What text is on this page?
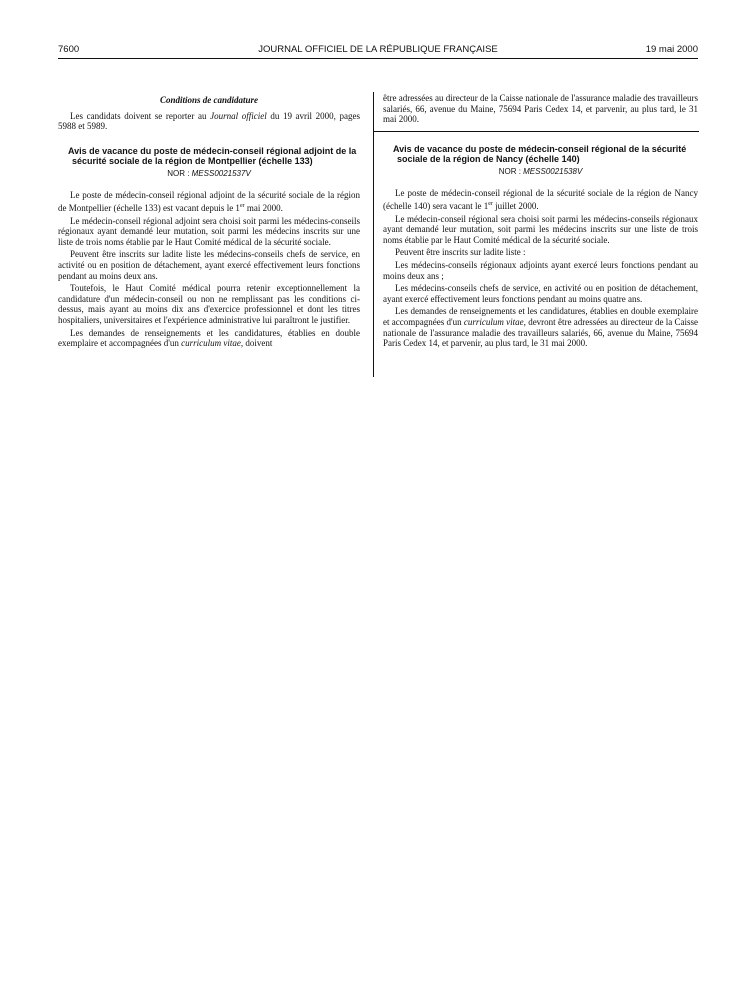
7600	JOURNAL OFFICIEL DE LA RÉPUBLIQUE FRANÇAISE	19 mai 2000
Conditions de candidature

Les candidats doivent se reporter au Journal officiel du 19 avril 2000, pages 5988 et 5989.

Avis de vacance du poste de médecin-conseil régional adjoint de la sécurité sociale de la région de Montpellier (échelle 133)
NOR : MESS0021537V

Le poste de médecin-conseil régional adjoint de la sécurité sociale de la région de Montpellier (échelle 133) est vacant depuis le 1er mai 2000.

Le médecin-conseil régional adjoint sera choisi soit parmi les médecins-conseils régionaux ayant demandé leur mutation, soit parmi les médecins inscrits sur une liste de trois noms établie par le Haut Comité médical de la sécurité sociale.

Peuvent être inscrits sur ladite liste les médecins-conseils chefs de service, en activité ou en position de détachement, ayant exercé effectivement leurs fonctions pendant au moins deux ans.

Toutefois, le Haut Comité médical pourra retenir exceptionnellement la candidature d'un médecin-conseil ou non ne remplissant pas les conditions ci-dessus, mais ayant au moins dix ans d'exercice professionnel et dont les titres hospitaliers, universitaires et l'expérience administrative lui paraîtront le justifier.

Les demandes de renseignements et les candidatures, établies en double exemplaire et accompagnées d'un curriculum vitae, doivent

être adressées au directeur de la Caisse nationale de l'assurance maladie des travailleurs salariés, 66, avenue du Maine, 75694 Paris Cedex 14, et parvenir, au plus tard, le 31 mai 2000.

Avis de vacance du poste de médecin-conseil régional de la sécurité sociale de la région de Nancy (échelle 140)
NOR : MESS0021538V

Le poste de médecin-conseil régional de la sécurité sociale de la région de Nancy (échelle 140) sera vacant le 1er juillet 2000.

Le médecin-conseil régional sera choisi soit parmi les médecins-conseils régionaux ayant demandé leur mutation, soit parmi les médecins inscrits sur une liste de trois noms établie par le Haut Comité médical de la sécurité sociale.

Peuvent être inscrits sur ladite liste :

Les médecins-conseils régionaux adjoints ayant exercé leurs fonctions pendant au moins deux ans ;

Les médecins-conseils chefs de service, en activité ou en position de détachement, ayant exercé effectivement leurs fonctions pendant au moins quatre ans.

Les demandes de renseignements et les candidatures, établies en double exemplaire et accompagnées d'un curriculum vitae, devront être adressées au directeur de la Caisse nationale de l'assurance maladie des travailleurs salariés, 66, avenue du Maine, 75694 Paris Cedex 14, et parvenir, au plus tard, le 31 mai 2000.
